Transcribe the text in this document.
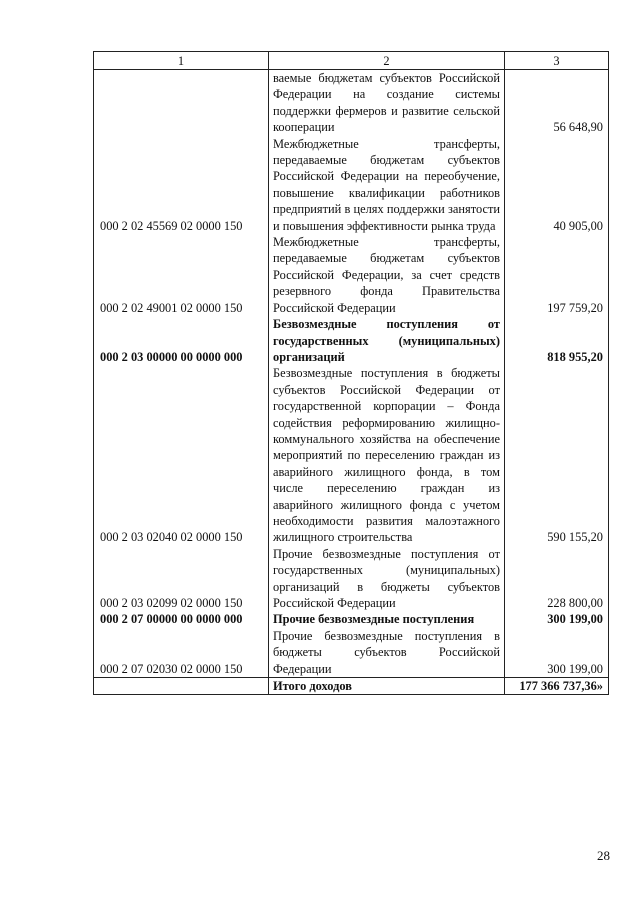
1	2	3
	ваемые бюджетам субъектов Российской Федерации на создание системы поддержки фермеров и развитие сельской кооперации	56 648,90
000 2 02 45569 02 0000 150	Межбюджетные трансферты, передаваемые бюджетам субъектов Российской Федерации на переобучение, повышение квалификации работников предприятий в целях поддержки занятости и повышения эффективности рынка труда	40 905,00
000 2 02 49001 02 0000 150	Межбюджетные трансферты, передаваемые бюджетам субъектов Российской Федерации, за счет средств резервного фонда Правительства Российской Федерации	197 759,20
000 2 03 00000 00 0000 000	Безвозмездные поступления от государственных (муниципальных) организаций	818 955,20
000 2 03 02040 02 0000 150	Безвозмездные поступления в бюджеты субъектов Российской Федерации от государственной корпорации – Фонда содействия реформированию жилищно-коммунального хозяйства на обеспечение мероприятий по переселению граждан из аварийного жилищного фонда, в том числе переселению граждан из аварийного жилищного фонда с учетом необходимости развития малоэтажного жилищного строительства	590 155,20
000 2 03 02099 02 0000 150	Прочие безвозмездные поступления от государственных (муниципальных) организаций в бюджеты субъектов Российской Федерации	228 800,00
000 2 07 00000 00 0000 000	Прочие безвозмездные поступления	300 199,00
000 2 07 02030 02 0000 150	Прочие безвозмездные поступления в бюджеты субъектов Российской Федерации	300 199,00
	Итого доходов	177 366 737,36»
28
